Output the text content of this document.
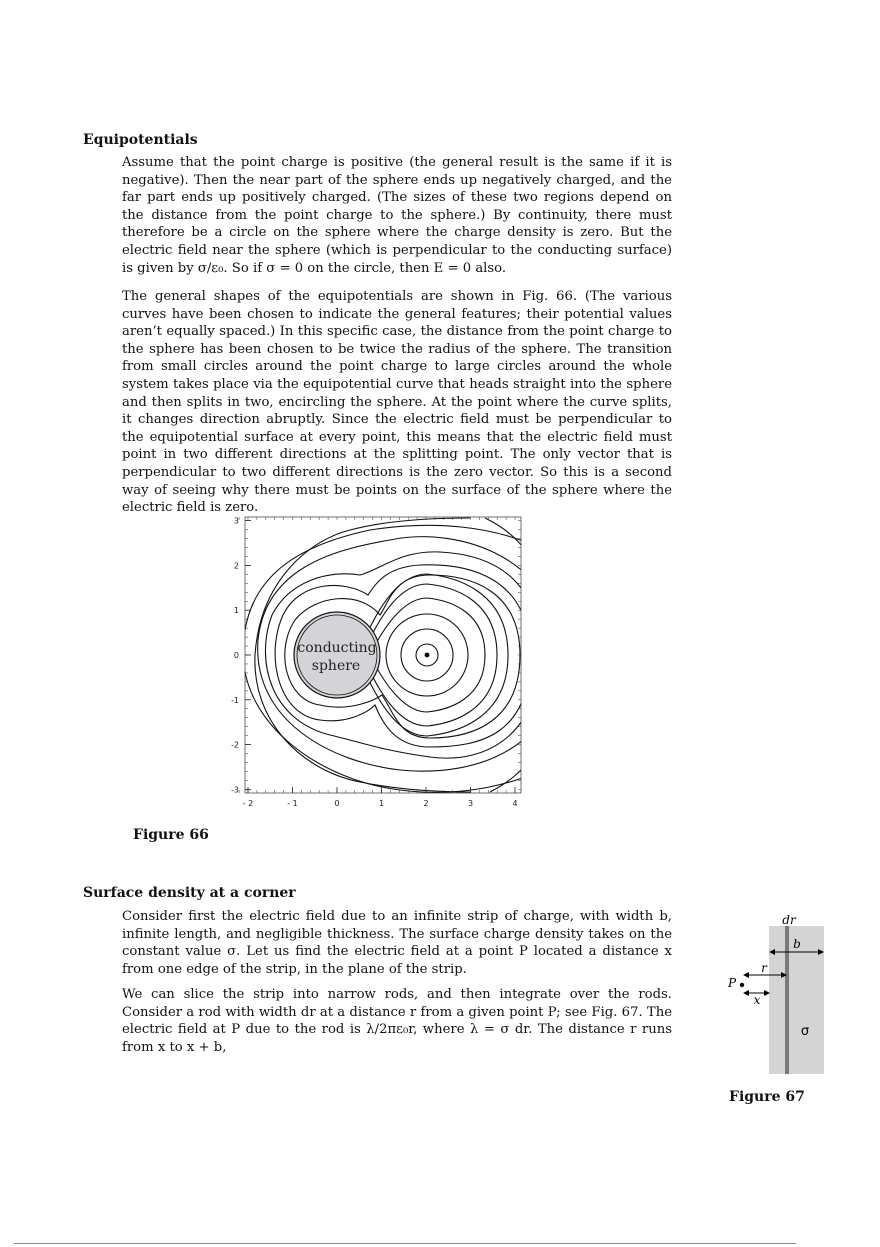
Equipotentials

Assume that the point charge is positive (the general result is the same if it is negative). Then the near part of the sphere ends up negatively charged, and the far part ends up positively charged. (The sizes of these two regions depend on the distance from the point charge to the sphere.) By continuity, there must therefore be a circle on the sphere where the charge density is zero. But the electric field near the sphere (which is perpendicular to the conducting surface) is given by σ/ε₀. So if σ = 0 on the circle, then E = 0 also.

The general shapes of the equipotentials are shown in Fig. 66. (The various curves have been chosen to indicate the general features; their potential values aren’t equally spaced.) In this specific case, the distance from the point charge to the sphere has been chosen to be twice the radius of the sphere. The transition from small circles around the point charge to large circles around the whole system takes place via the equipotential curve that heads straight into the sphere and then splits in two, encircling the sphere. At the point where the curve splits, it changes direction abruptly. Since the electric field must be perpendicular to the equipotential surface at every point, this means that the electric field must point in two different directions at the splitting point. The only vector that is perpendicular to two different directions is the zero vector. So this is a second way of seeing why there must be points on the surface of the sphere where the electric field is zero.

conducting
sphere
- 2	- 1	0	1	2	3	4
3
2
1
0
-1
-2
-3
Figure 66
Surface density at a corner

Consider first the electric field due to an infinite strip of charge, with width b, infinite length, and negligible thickness. The surface charge density takes on the constant value σ. Let us find the electric field at a point P located a distance x from one edge of the strip, in the plane of the strip.

We can slice the strip into narrow rods, and then integrate over the rods. Consider a rod with width dr at a distance r from a given point P; see Fig. 67. The electric field at P due to the rod is λ/2πε₀r, where λ = σ dr. The distance r runs from x to x + b,

dr
b
r
P
x
σ
Figure 67
